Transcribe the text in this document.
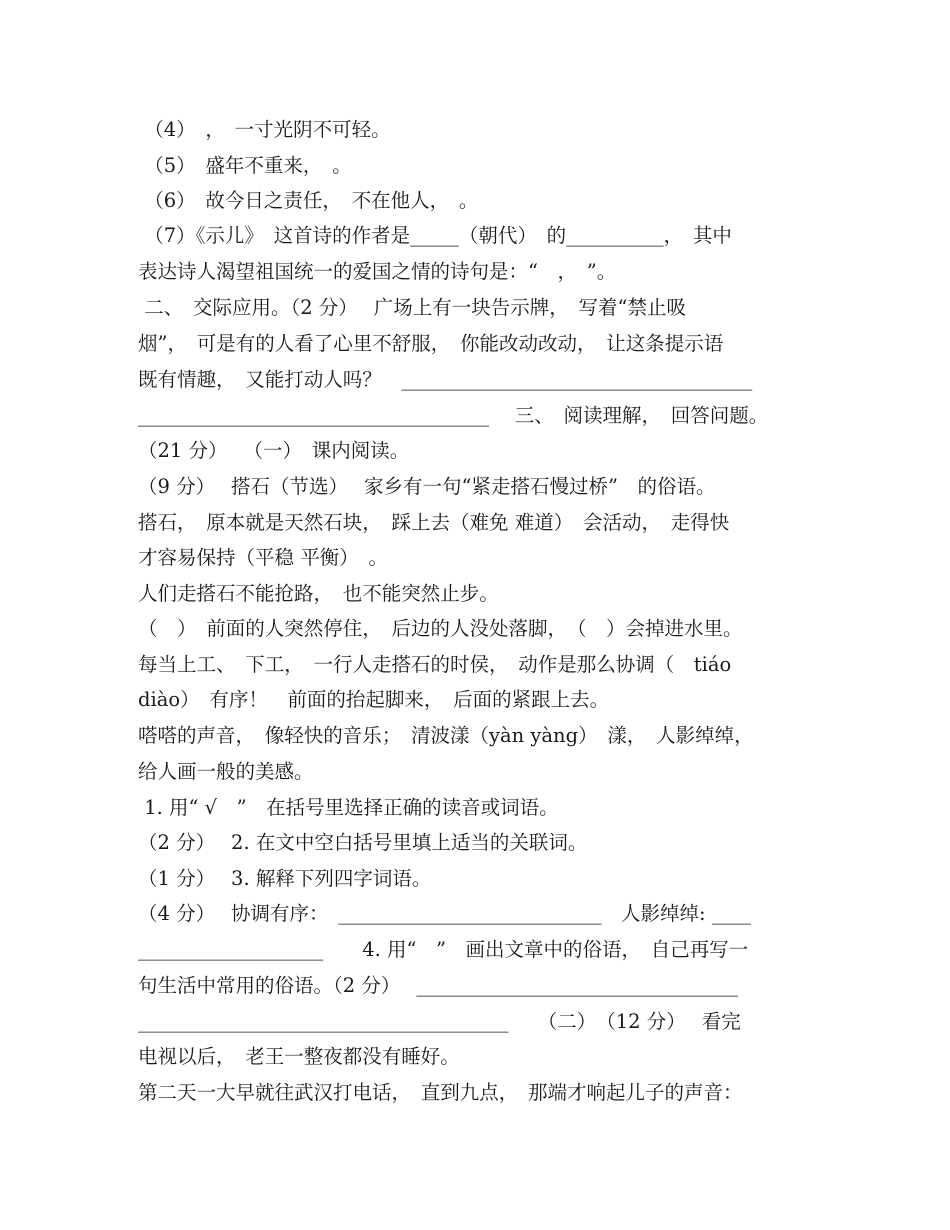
（4）　，　一寸光阴不可轻。
（5）　盛年不重来，　。
（6）　故今日之责任，　不在他人，　。
（7）《示儿》　这首诗的作者是_____（朝代）　的__________，　其中
表达诗人渴望祖国统一的爱国之情的诗句是：“　，　”。
二、　交际应用。（2 分）　 广场上有一块告示牌，　写着“禁止吸
烟”，　可是有的人看了心里不舒服，　你能改动改动，　让这条提示语
既有情趣，　又能打动人吗？　____________________________________
____________________________________　 三、　阅读理解，　回答问题。
（21 分）　 （一）　课内阅读。
（9 分）　 搭石（节选）　 家乡有一句“紧走搭石慢过桥”　的俗语。
搭石，　原本就是天然石块，　踩上去（难免 难道）　会活动，　走得快
才容易保持（平稳 平衡）　。
人们走搭石不能抢路，　也不能突然止步。
（　）　前面的人突然停住，　后边的人没处落脚，　（　）会掉进水里。
每当上工、　下工，　一行人走搭石的时侯，　动作是那么协调（　tiáo
diào）　有序！　前面的抬起脚来，　后面的紧跟上去。
嗒嗒的声音，　像轻快的音乐；　清波漾（yàn yàng）　漾，　人影绰绰，
给人画一般的美感。
1. 用“ √　”　在括号里选择正确的读音或词语。
（2 分）　 2. 在文中空白括号里填上适当的关联词。
（1 分）　 3. 解释下列四字词语。
（4 分）　 协调有序：　___________________________　人影绰绰: ____
___________________　　4. 用“　”　画出文章中的俗语，　自己再写一
句生活中常用的俗语。（2 分）　 _________________________________
______________________________________　　（二）　（12 分）　 看完
电视以后，　老王一整夜都没有睡好。
第二天一大早就往武汉打电话，　直到九点，　那端才响起儿子的声音：
